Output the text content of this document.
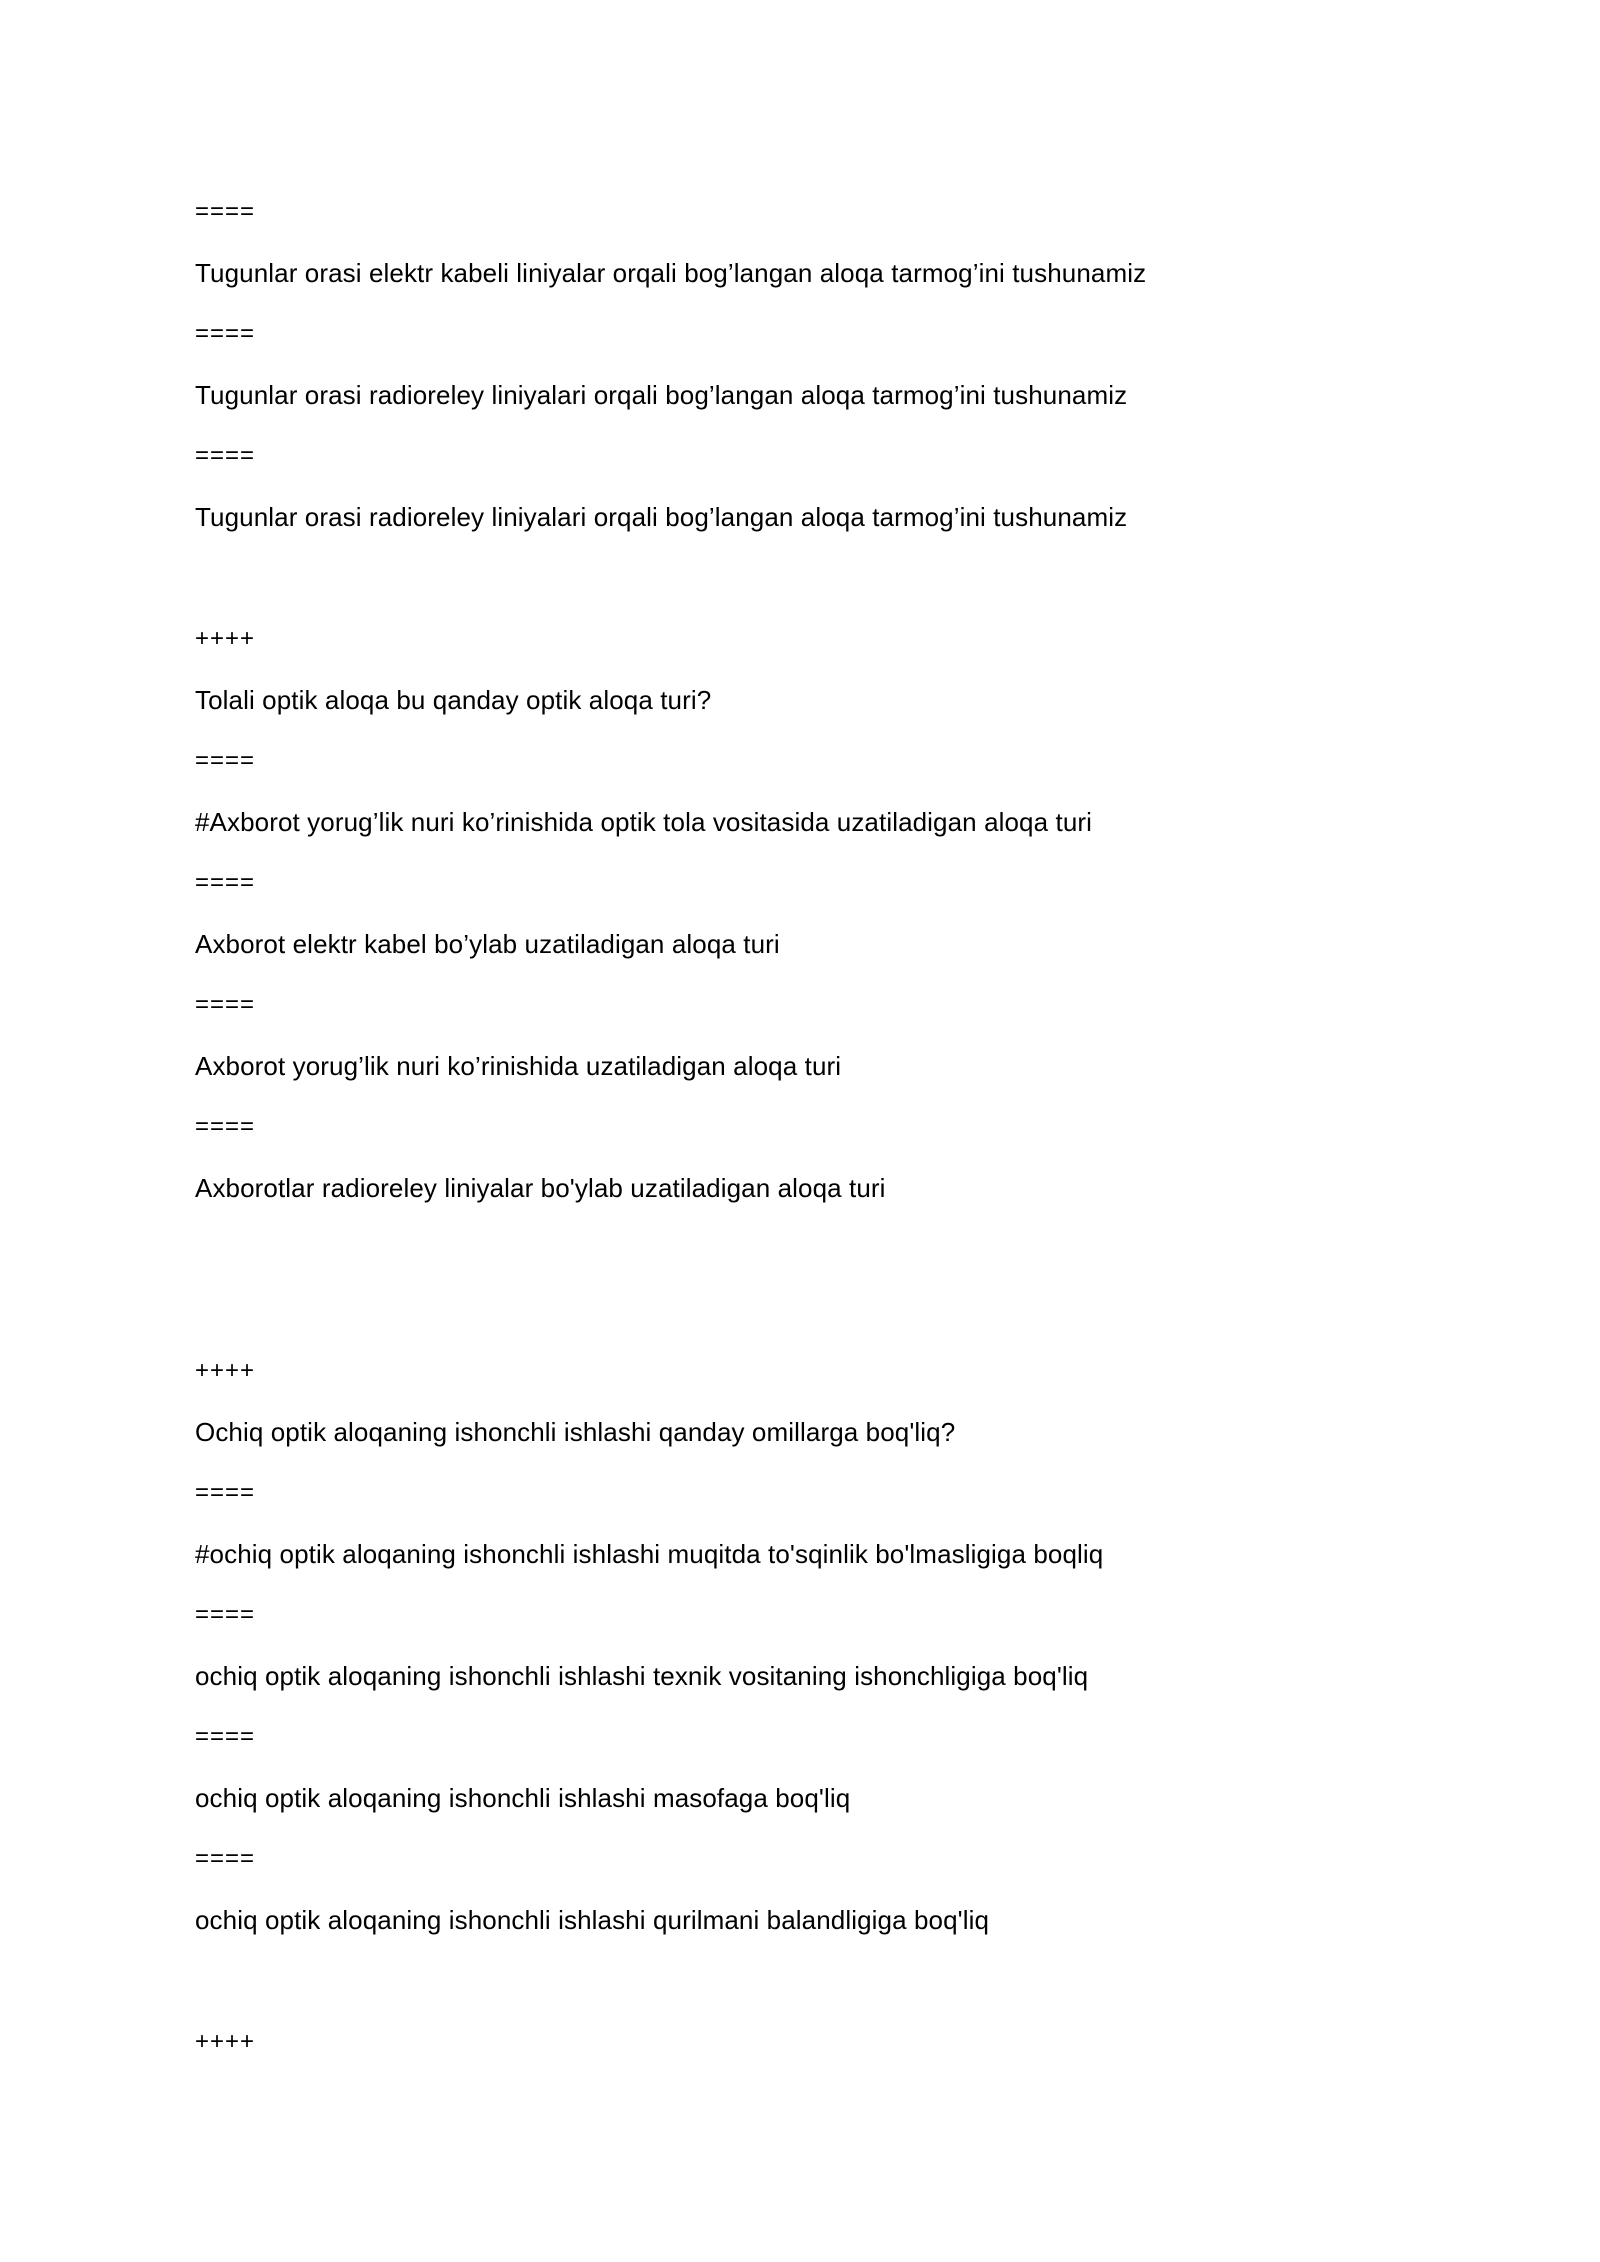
====
Tugunlar orasi elektr kabeli liniyalar orqali bog’langan aloqa tarmog’ini tushunamiz
====
Tugunlar orasi radioreley liniyalari orqali bog’langan aloqa tarmog’ini tushunamiz
====
Tugunlar orasi radioreley liniyalari orqali bog’langan aloqa tarmog’ini tushunamiz
++++
Tolali optik aloqa bu qanday optik aloqa turi?
====
#Axborot yorug’lik nuri ko’rinishida optik tola vositasida uzatiladigan aloqa turi
====
Axborot elektr kabel bo’ylab uzatiladigan aloqa turi
====
Axborot yorug’lik nuri ko’rinishida uzatiladigan aloqa turi
====
Axborotlar radioreley liniyalar bo'ylab uzatiladigan aloqa turi
++++
Ochiq optik aloqaning ishonchli ishlashi qanday omillarga boq'liq?
====
#ochiq optik aloqaning ishonchli ishlashi muqitda to'sqinlik bo'lmasligiga boqliq
====
ochiq optik aloqaning ishonchli ishlashi texnik vositaning ishonchligiga boq'liq
====
ochiq optik aloqaning ishonchli ishlashi masofaga boq'liq
====
ochiq optik aloqaning ishonchli ishlashi qurilmani balandligiga boq'liq
++++
